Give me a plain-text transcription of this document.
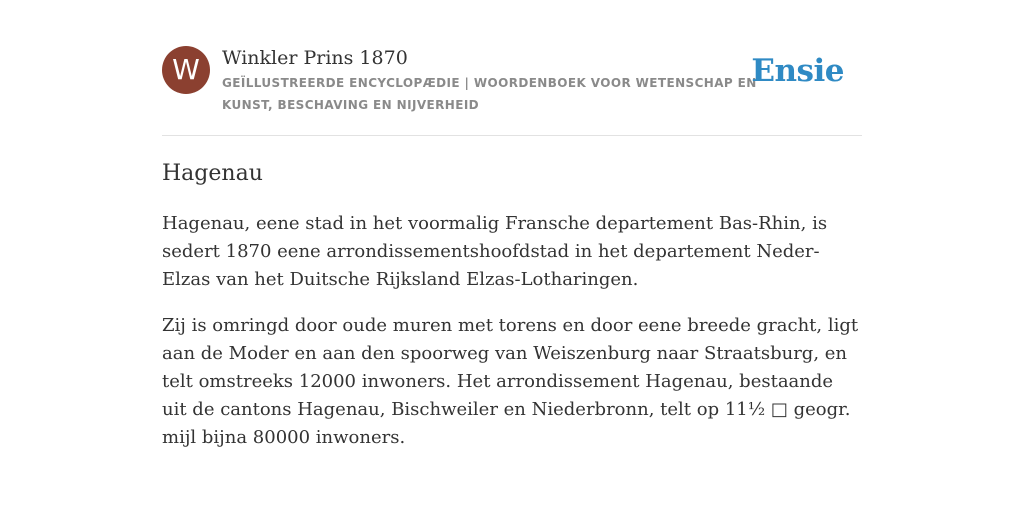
W Winkler Prins 1870
GEÏLLUSTREERDE ENCYCLOPÆDIE | WOORDENBOEK VOOR WETENSCHAP EN KUNST, BESCHAVING EN NIJVERHEID
Ensie
Hagenau

Hagenau, eene stad in het voormalig Fransche departement Bas-Rhin, is sedert 1870 eene arrondissementshoofdstad in het departement Neder-Elzas van het Duitsche Rijksland Elzas-Lotharingen.

Zij is omringd door oude muren met torens en door eene breede gracht, ligt aan de Moder en aan den spoorweg van Weiszenburg naar Straatsburg, en telt omstreeks 12000 inwoners. Het arrondissement Hagenau, bestaande uit de cantons Hagenau, Bischweiler en Niederbronn, telt op 11½ □ geogr. mijl bijna 80000 inwoners.
